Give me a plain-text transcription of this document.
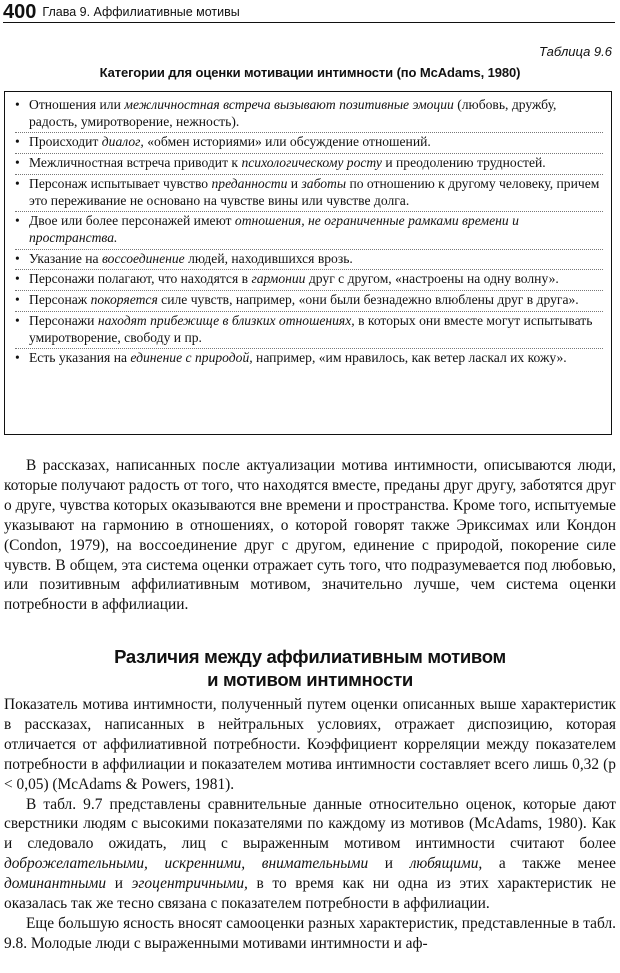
400 Глава 9. Аффилиативные мотивы
Таблица 9.6
Категории для оценки мотивации интимности (по McAdams, 1980)
• Отношения или межличностная встреча вызывают позитивные эмоции (любовь, дружбу, радость, умиротворение, нежность).
• Происходит диалог, «обмен историями» или обсуждение отношений.
• Межличностная встреча приводит к психологическому росту и преодолению трудностей.
• Персонаж испытывает чувство преданности и заботы по отношению к другому человеку, причем это переживание не основано на чувстве вины или чувстве долга.
• Двое или более персонажей имеют отношения, не ограниченные рамками времени и пространства.
• Указание на воссоединение людей, находившихся врозь.
• Персонажи полагают, что находятся в гармонии друг с другом, «настроены на одну волну».
• Персонаж покоряется силе чувств, например, «они были безнадежно влюблены друг в друга».
• Персонажи находят прибежище в близких отношениях, в которых они вместе могут испытывать умиротворение, свободу и пр.
• Есть указания на единение с природой, например, «им нравилось, как ветер ласкал их кожу».

В рассказах, написанных после актуализации мотива интимности, описываются люди, которые получают радость от того, что находятся вместе, преданы друг другу, заботятся друг о друге, чувства которых оказываются вне времени и пространства. Кроме того, испытуемые указывают на гармонию в отношениях, о которой говорят также Эриксимах или Кондон (Condon, 1979), на воссоединение друг с другом, единение с природой, покорение силе чувств. В общем, эта система оценки отражает суть того, что подразумевается под любовью, или позитивным аффилиативным мотивом, значительно лучше, чем система оценки потребности в аффилиации.

Различия между аффилиативным мотивом
и мотивом интимности

Показатель мотива интимности, полученный путем оценки описанных выше характеристик в рассказах, написанных в нейтральных условиях, отражает диспозицию, которая отличается от аффилиативной потребности. Коэффициент корреляции между показателем потребности в аффилиации и показателем мотива интимности составляет всего лишь 0,32 (p < 0,05) (McAdams & Powers, 1981).

В табл. 9.7 представлены сравнительные данные относительно оценок, которые дают сверстники людям с высокими показателями по каждому из мотивов (McAdams, 1980). Как и следовало ожидать, лиц с выраженным мотивом интимности считают более доброжелательными, искренними, внимательными и любящими, а также менее доминантными и эгоцентричными, в то время как ни одна из этих характеристик не оказалась так же тесно связана с показателем потребности в аффилиации.

Еще большую ясность вносят самооценки разных характеристик, представленные в табл. 9.8. Молодые люди с выраженными мотивами интимности и аф-
